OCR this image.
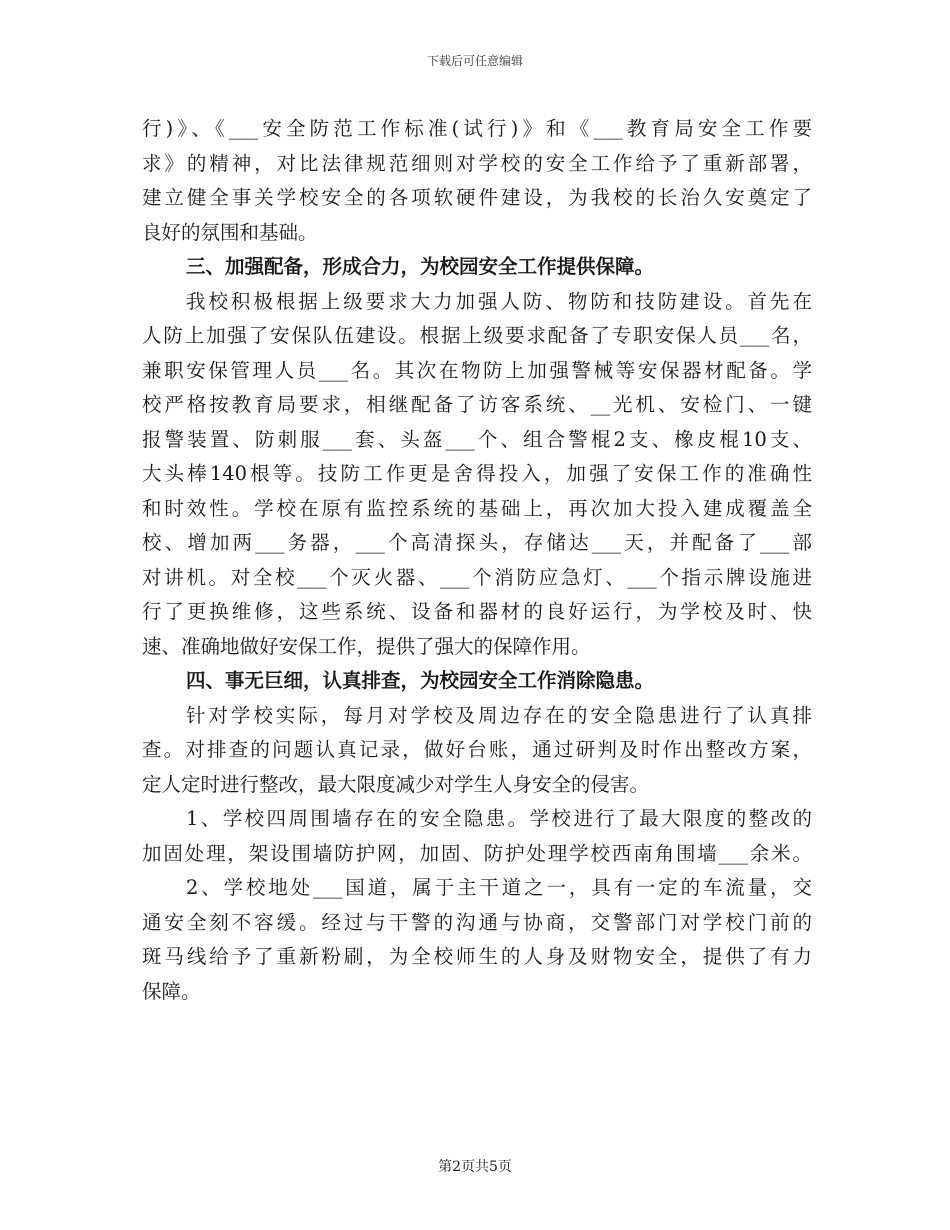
下载后可任意编辑
行)》、《___安全防范工作标准(试行)》和《___教育局安全工作要
求》的精神，对比法律规范细则对学校的安全工作给予了重新部署，
建立健全事关学校安全的各项软硬件建设，为我校的长治久安奠定了
良好的氛围和基础。
三、加强配备，形成合力，为校园安全工作提供保障。
我校积极根据上级要求大力加强人防、物防和技防建设。首先在
人防上加强了安保队伍建设。根据上级要求配备了专职安保人员___名，
兼职安保管理人员___名。其次在物防上加强警械等安保器材配备。学
校严格按教育局要求，相继配备了访客系统、__光机、安检门、一键
报警装置、防刺服___套、头盔___个、组合警棍2支、橡皮棍10支、
大头棒140根等。技防工作更是舍得投入，加强了安保工作的准确性
和时效性。学校在原有监控系统的基础上，再次加大投入建成覆盖全
校、增加两___务器，___个高清探头，存储达___天，并配备了___部
对讲机。对全校___个灭火器、___个消防应急灯、___个指示牌设施进
行了更换维修，这些系统、设备和器材的良好运行，为学校及时、快
速、准确地做好安保工作，提供了强大的保障作用。
四、事无巨细，认真排查，为校园安全工作消除隐患。
针对学校实际，每月对学校及周边存在的安全隐患进行了认真排
查。对排查的问题认真记录，做好台账，通过研判及时作出整改方案，
定人定时进行整改，最大限度减少对学生人身安全的侵害。
1、学校四周围墙存在的安全隐患。学校进行了最大限度的整改的
加固处理，架设围墙防护网，加固、防护处理学校西南角围墙___余米。
2、学校地处___国道，属于主干道之一，具有一定的车流量，交
通安全刻不容缓。经过与干警的沟通与协商，交警部门对学校门前的
斑马线给予了重新粉刷，为全校师生的人身及财物安全，提供了有力
保障。
第2页共5页
